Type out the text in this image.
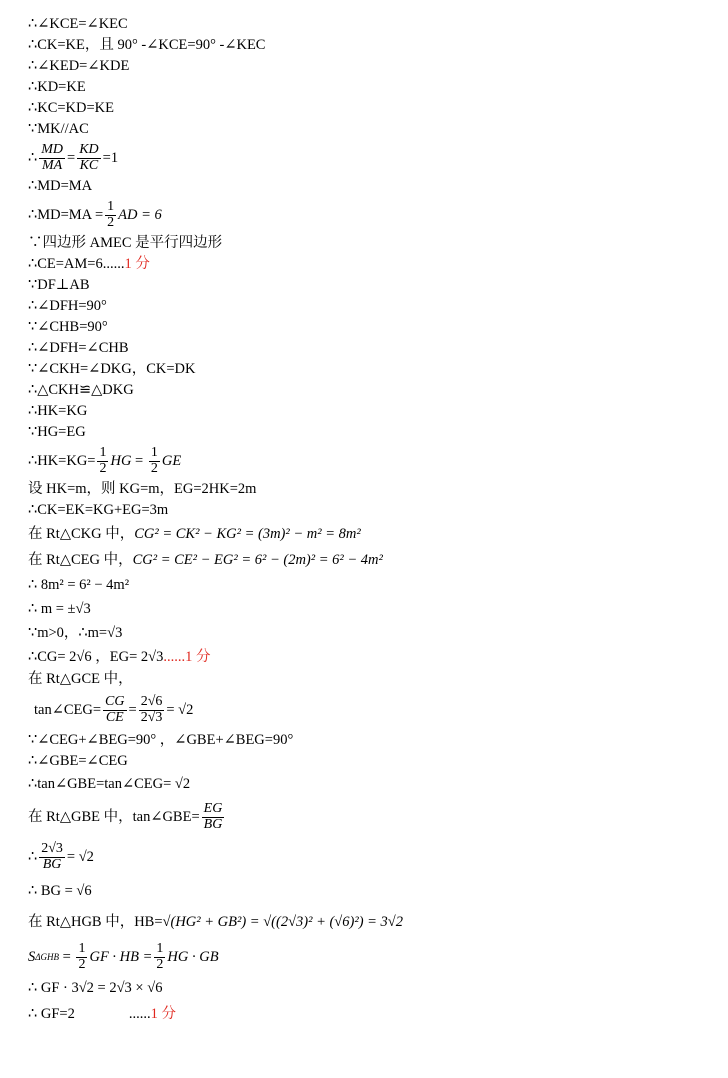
∴∠KCE=∠KEC
∴CK=KE，且 90° -∠KCE=90° -∠KEC
∴∠KED=∠KDE
∴KD=KE
∴KC=KD=KE
∵MK//AC
∴ $\frac{MD}{MA} = \frac{KD}{KC} = 1$
∴MD=MA
∴MD=MA = $\frac{1}{2}$ AD = 6
∵四边形 AMEC 是平行四边形
∴CE=AM=6......1 分
∵DF⊥AB
∴∠DFH=90°
∵∠CHB=90°
∴∠DFH=∠CHB
∵∠CKH=∠DKG，CK=DK
∴△CKH≌△DKG
∴HK=KG
∵HG=EG
∴HK=KG= $\frac{1}{2}$ HG = $\frac{1}{2}$ GE
设 HK=m，则 KG=m，EG=2HK=2m
∴CK=EK=KG+EG=3m
在 Rt△CKG 中，CG² = CK² − KG² = (3m)² − m² = 8m²
在 Rt△CEG 中，CG² = CE² − EG² = 6² − (2m)² = 6² − 4m²
∴ 8m² = 6² − 4m²
∴ m = ±√3
∵m>0，∴m=√3
∴CG= 2√6 ，EG= 2√3......1 分
在 Rt△GCE 中，
tan∠CEG= $\frac{CG}{CE} = \frac{2√6}{2√3} = √2$
∵∠CEG+∠BEG=90° ，∠GBE+∠BEG=90°
∴∠GBE=∠CEG
∴tan∠GBE=tan∠CEG= √2
在 Rt△GBE 中，tan∠GBE= $\frac{EG}{BG}$
∴ $\frac{2√3}{BG} = √2$
∴ BG = √6
在 Rt△HGB 中，HB=√(HG² + GB²) = √((2√3)² + (√6)²) = 3√2
S $\Delta GHB = \frac{1}{2}$ GF · HB = $\frac{1}{2}$ HG · GB
∴ GF · 3√2 = 2√3 × √6
∴ GF=2	......1 分
